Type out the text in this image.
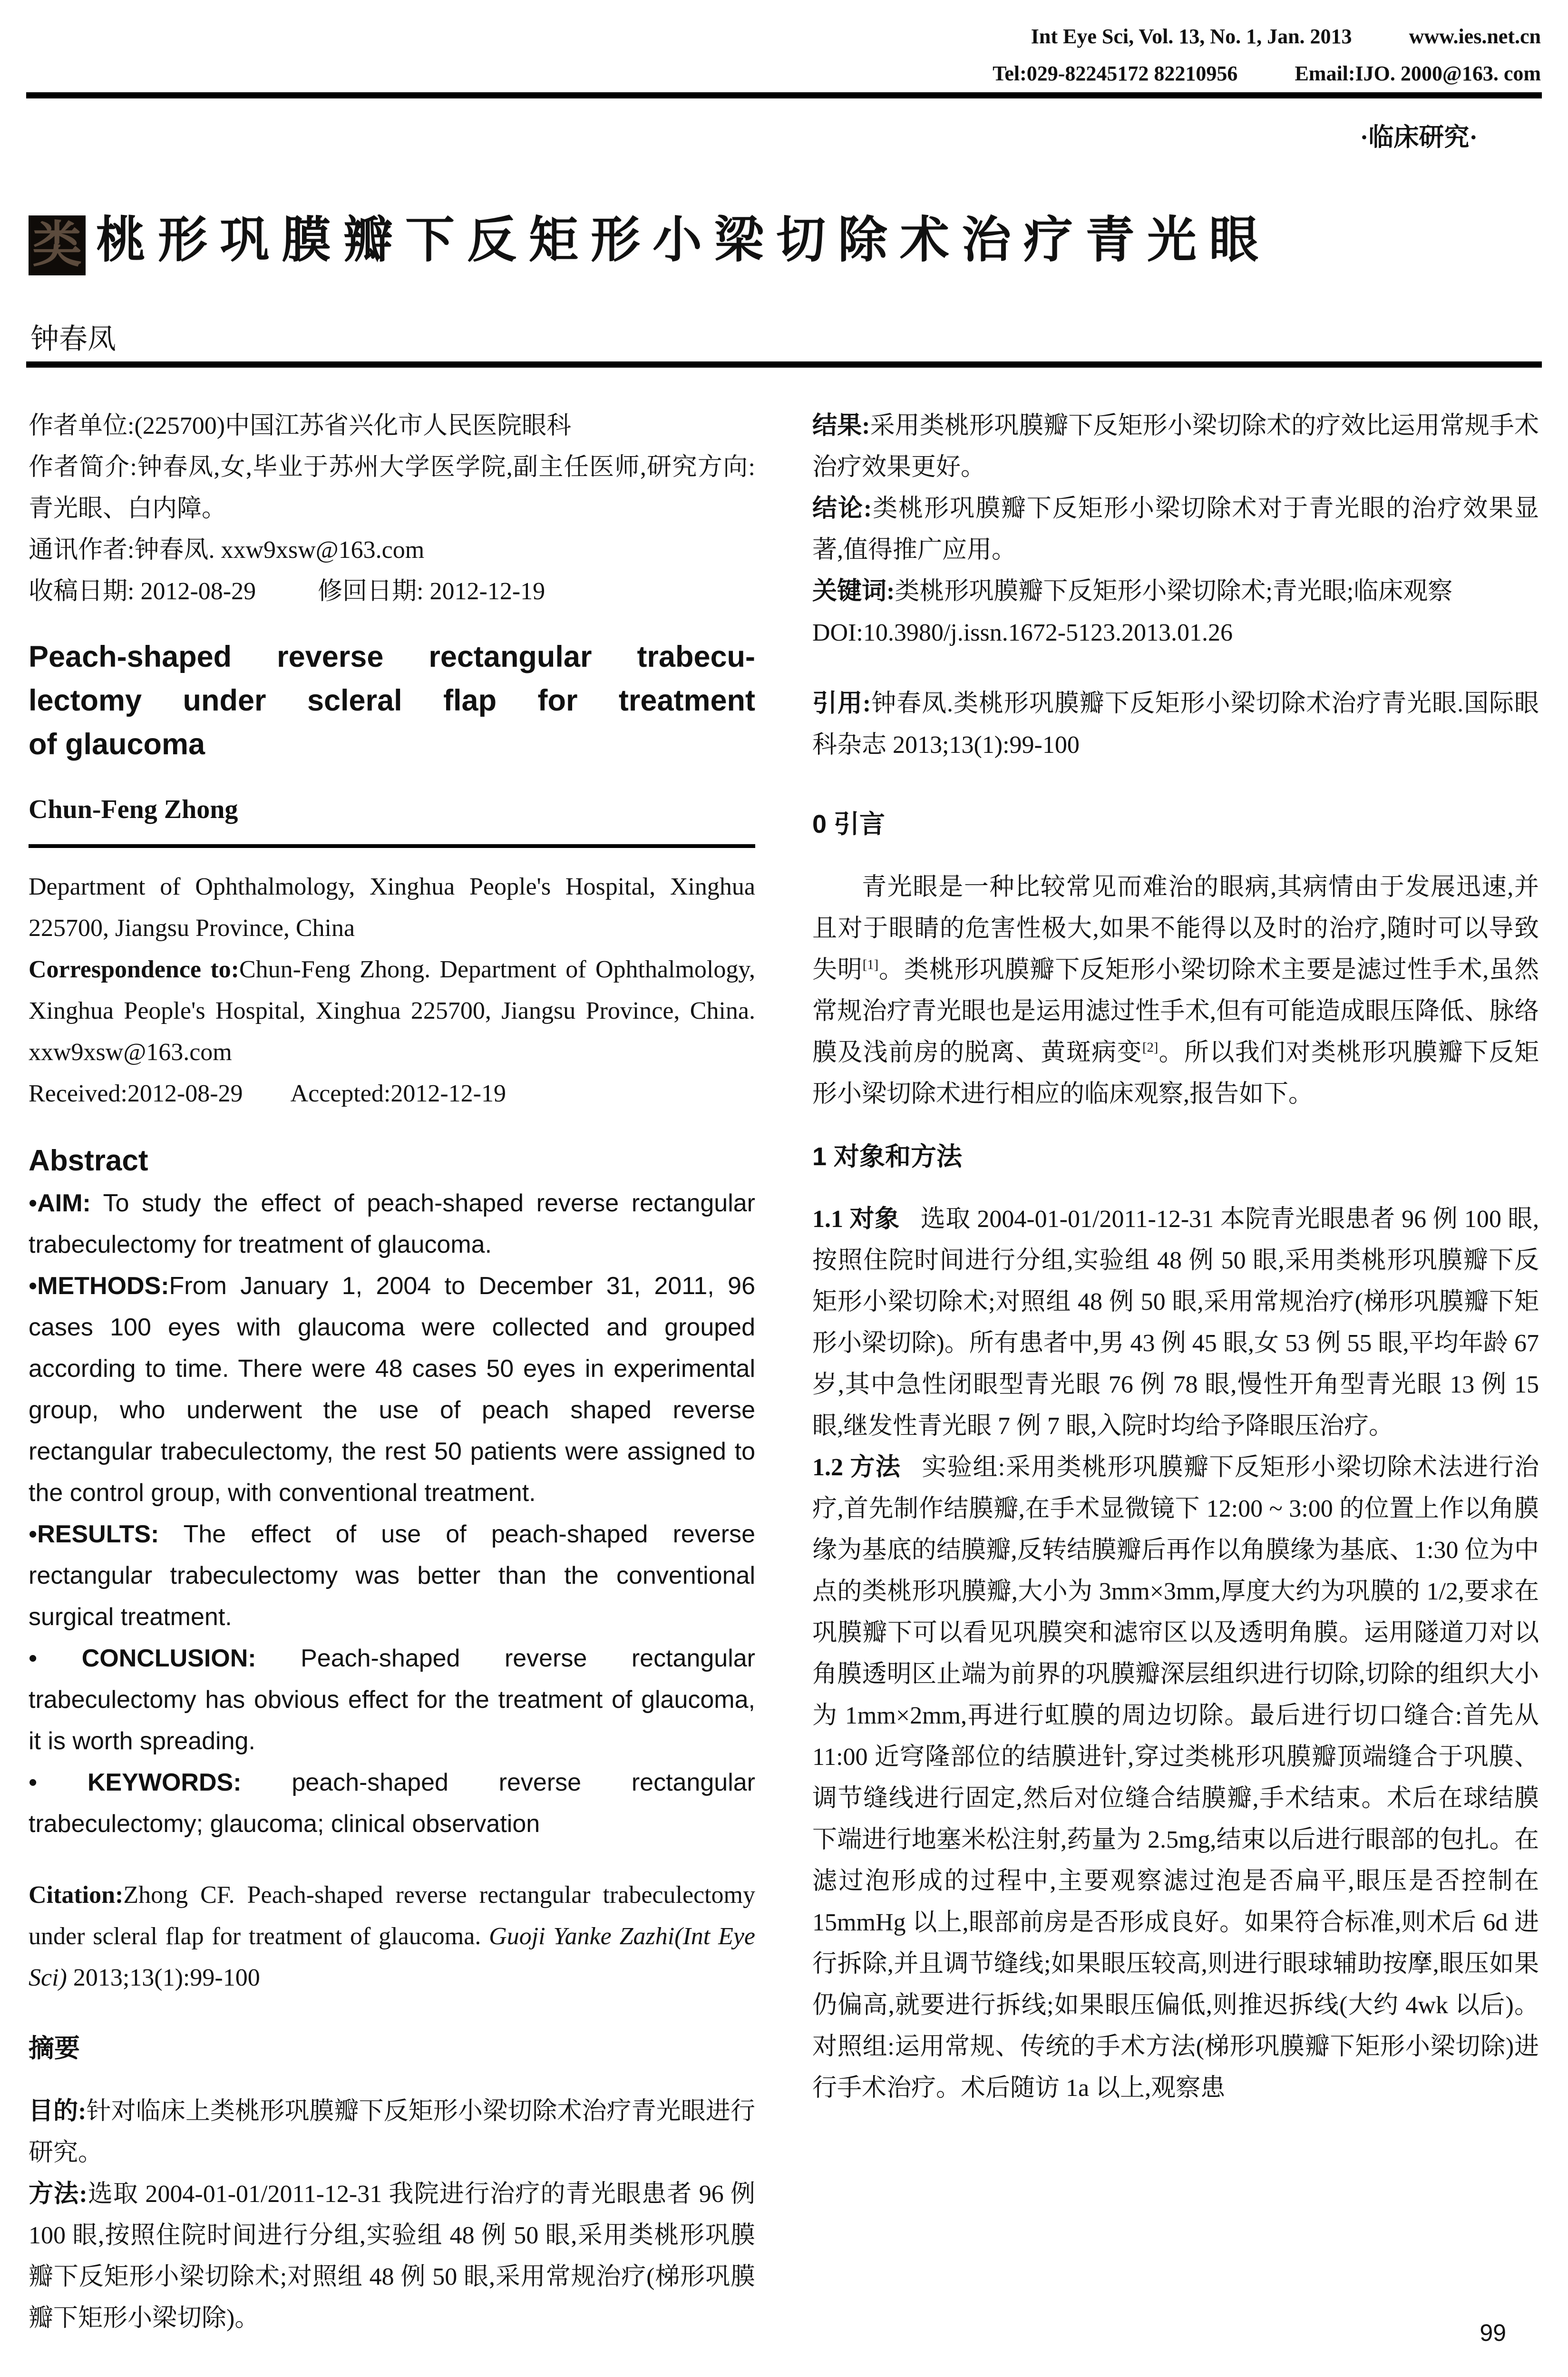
Int Eye Sci, Vol. 13, No. 1, Jan. 2013	www.ies.net.cn
Tel:029-82245172 82210956	Email:IJO. 2000@163. com
·临床研究·
类 桃形巩膜瓣下反矩形小梁切除术治疗青光眼
钟春凤

作者单位:(225700)中国江苏省兴化市人民医院眼科

作者简介:钟春凤,女,毕业于苏州大学医学院,副主任医师,研究方向:青光眼、白内障。

通讯作者:钟春凤. xxw9xsw@163.com

收稿日期: 2012-08-29	修回日期: 2012-12-19

Peach-shaped reverse rectangular trabecu-
lectomy under scleral flap for treatment
of glaucoma
Chun-Feng Zhong

Department of Ophthalmology, Xinghua People's Hospital, Xinghua 225700, Jiangsu Province, China

Correspondence to:Chun-Feng Zhong. Department of Ophthalmology, Xinghua People's Hospital, Xinghua 225700, Jiangsu Province, China. xxw9xsw@163.com

Received:2012-08-29 Accepted:2012-12-19

Abstract

•AIM: To study the effect of peach-shaped reverse rectangular trabeculectomy for treatment of glaucoma.

•METHODS:From January 1, 2004 to December 31, 2011, 96 cases 100 eyes with glaucoma were collected and grouped according to time. There were 48 cases 50 eyes in experimental group, who underwent the use of peach shaped reverse rectangular trabeculectomy, the rest 50 patients were assigned to the control group, with conventional treatment.

•RESULTS: The effect of use of peach-shaped reverse rectangular trabeculectomy was better than the conventional surgical treatment.

• CONCLUSION: Peach-shaped reverse rectangular trabeculectomy has obvious effect for the treatment of glaucoma, it is worth spreading.

• KEYWORDS: peach-shaped reverse rectangular trabeculectomy; glaucoma; clinical observation

Citation:Zhong CF. Peach-shaped reverse rectangular trabeculectomy under scleral flap for treatment of glaucoma. Guoji Yanke Zazhi(Int Eye Sci) 2013;13(1):99-100

摘要

目的:针对临床上类桃形巩膜瓣下反矩形小梁切除术治疗青光眼进行研究。

方法:选取 2004-01-01/2011-12-31 我院进行治疗的青光眼患者 96 例 100 眼,按照住院时间进行分组,实验组 48 例 50 眼,采用类桃形巩膜瓣下反矩形小梁切除术;对照组 48 例 50 眼,采用常规治疗(梯形巩膜瓣下矩形小梁切除)。

结果:采用类桃形巩膜瓣下反矩形小梁切除术的疗效比运用常规手术治疗效果更好。

结论:类桃形巩膜瓣下反矩形小梁切除术对于青光眼的治疗效果显著,值得推广应用。

关键词:类桃形巩膜瓣下反矩形小梁切除术;青光眼;临床观察

DOI:10.3980/j.issn.1672-5123.2013.01.26

引用:钟春凤.类桃形巩膜瓣下反矩形小梁切除术治疗青光眼.国际眼科杂志 2013;13(1):99-100

0 引言

青光眼是一种比较常见而难治的眼病,其病情由于发展迅速,并且对于眼睛的危害性极大,如果不能得以及时的治疗,随时可以导致失明[1]。类桃形巩膜瓣下反矩形小梁切除术主要是滤过性手术,虽然常规治疗青光眼也是运用滤过性手术,但有可能造成眼压降低、脉络膜及浅前房的脱离、黄斑病变[2]。所以我们对类桃形巩膜瓣下反矩形小梁切除术进行相应的临床观察,报告如下。

1 对象和方法

1.1 对象 选取 2004-01-01/2011-12-31 本院青光眼患者 96 例 100 眼,按照住院时间进行分组,实验组 48 例 50 眼,采用类桃形巩膜瓣下反矩形小梁切除术;对照组 48 例 50 眼,采用常规治疗(梯形巩膜瓣下矩形小梁切除)。所有患者中,男 43 例 45 眼,女 53 例 55 眼,平均年龄 67 岁,其中急性闭眼型青光眼 76 例 78 眼,慢性开角型青光眼 13 例 15 眼,继发性青光眼 7 例 7 眼,入院时均给予降眼压治疗。

1.2 方法 实验组:采用类桃形巩膜瓣下反矩形小梁切除术法进行治疗,首先制作结膜瓣,在手术显微镜下 12:00 ~ 3:00 的位置上作以角膜缘为基底的结膜瓣,反转结膜瓣后再作以角膜缘为基底、1:30 位为中点的类桃形巩膜瓣,大小为 3mm×3mm,厚度大约为巩膜的 1/2,要求在巩膜瓣下可以看见巩膜突和滤帘区以及透明角膜。运用隧道刀对以角膜透明区止端为前界的巩膜瓣深层组织进行切除,切除的组织大小为 1mm×2mm,再进行虹膜的周边切除。最后进行切口缝合:首先从 11:00 近穹隆部位的结膜进针,穿过类桃形巩膜瓣顶端缝合于巩膜、调节缝线进行固定,然后对位缝合结膜瓣,手术结束。术后在球结膜下端进行地塞米松注射,药量为 2.5mg,结束以后进行眼部的包扎。在滤过泡形成的过程中,主要观察滤过泡是否扁平,眼压是否控制在 15mmHg 以上,眼部前房是否形成良好。如果符合标准,则术后 6d 进行拆除,并且调节缝线;如果眼压较高,则进行眼球辅助按摩,眼压如果仍偏高,就要进行拆线;如果眼压偏低,则推迟拆线(大约 4wk 以后)。对照组:运用常规、传统的手术方法(梯形巩膜瓣下矩形小梁切除)进行手术治疗。术后随访 1a 以上,观察患

99
